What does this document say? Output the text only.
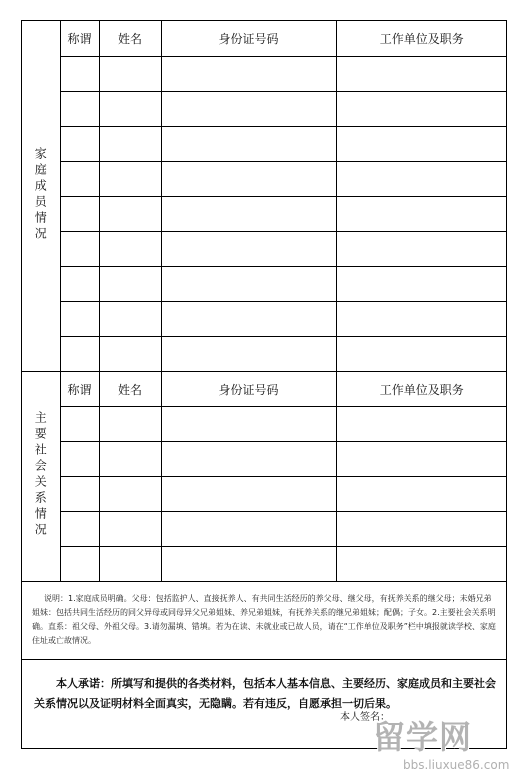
家庭成员情况	称谓	姓名	身份证号码	工作单位及职务

主要社会关系情况	称谓	姓名	身份证号码	工作单位及职务

说明：1.家庭成员明确。父母：包括监护人、直接抚养人、有共同生活经历的养父母、继父母，有抚养关系的继父母；未婚兄弟姐妹：包括共同生活经历的同父异母或同母异父兄弟姐妹、养兄弟姐妹，有抚养关系的继兄弟姐妹；配偶；子女。2.主要社会关系明确。直系：祖父母、外祖父母。3.请勿漏填、错填。若为在读、未就业或已故人员，请在“工作单位及职务”栏中填报就读学校、家庭住址或亡故情况。

本人承诺：所填写和提供的各类材料，包括本人基本信息、主要经历、家庭成员和主要社会关系情况以及证明材料全面真实，无隐瞒。若有违反，自愿承担一切后果。

本人签名：
留学网
bbs.liuxue86.com
